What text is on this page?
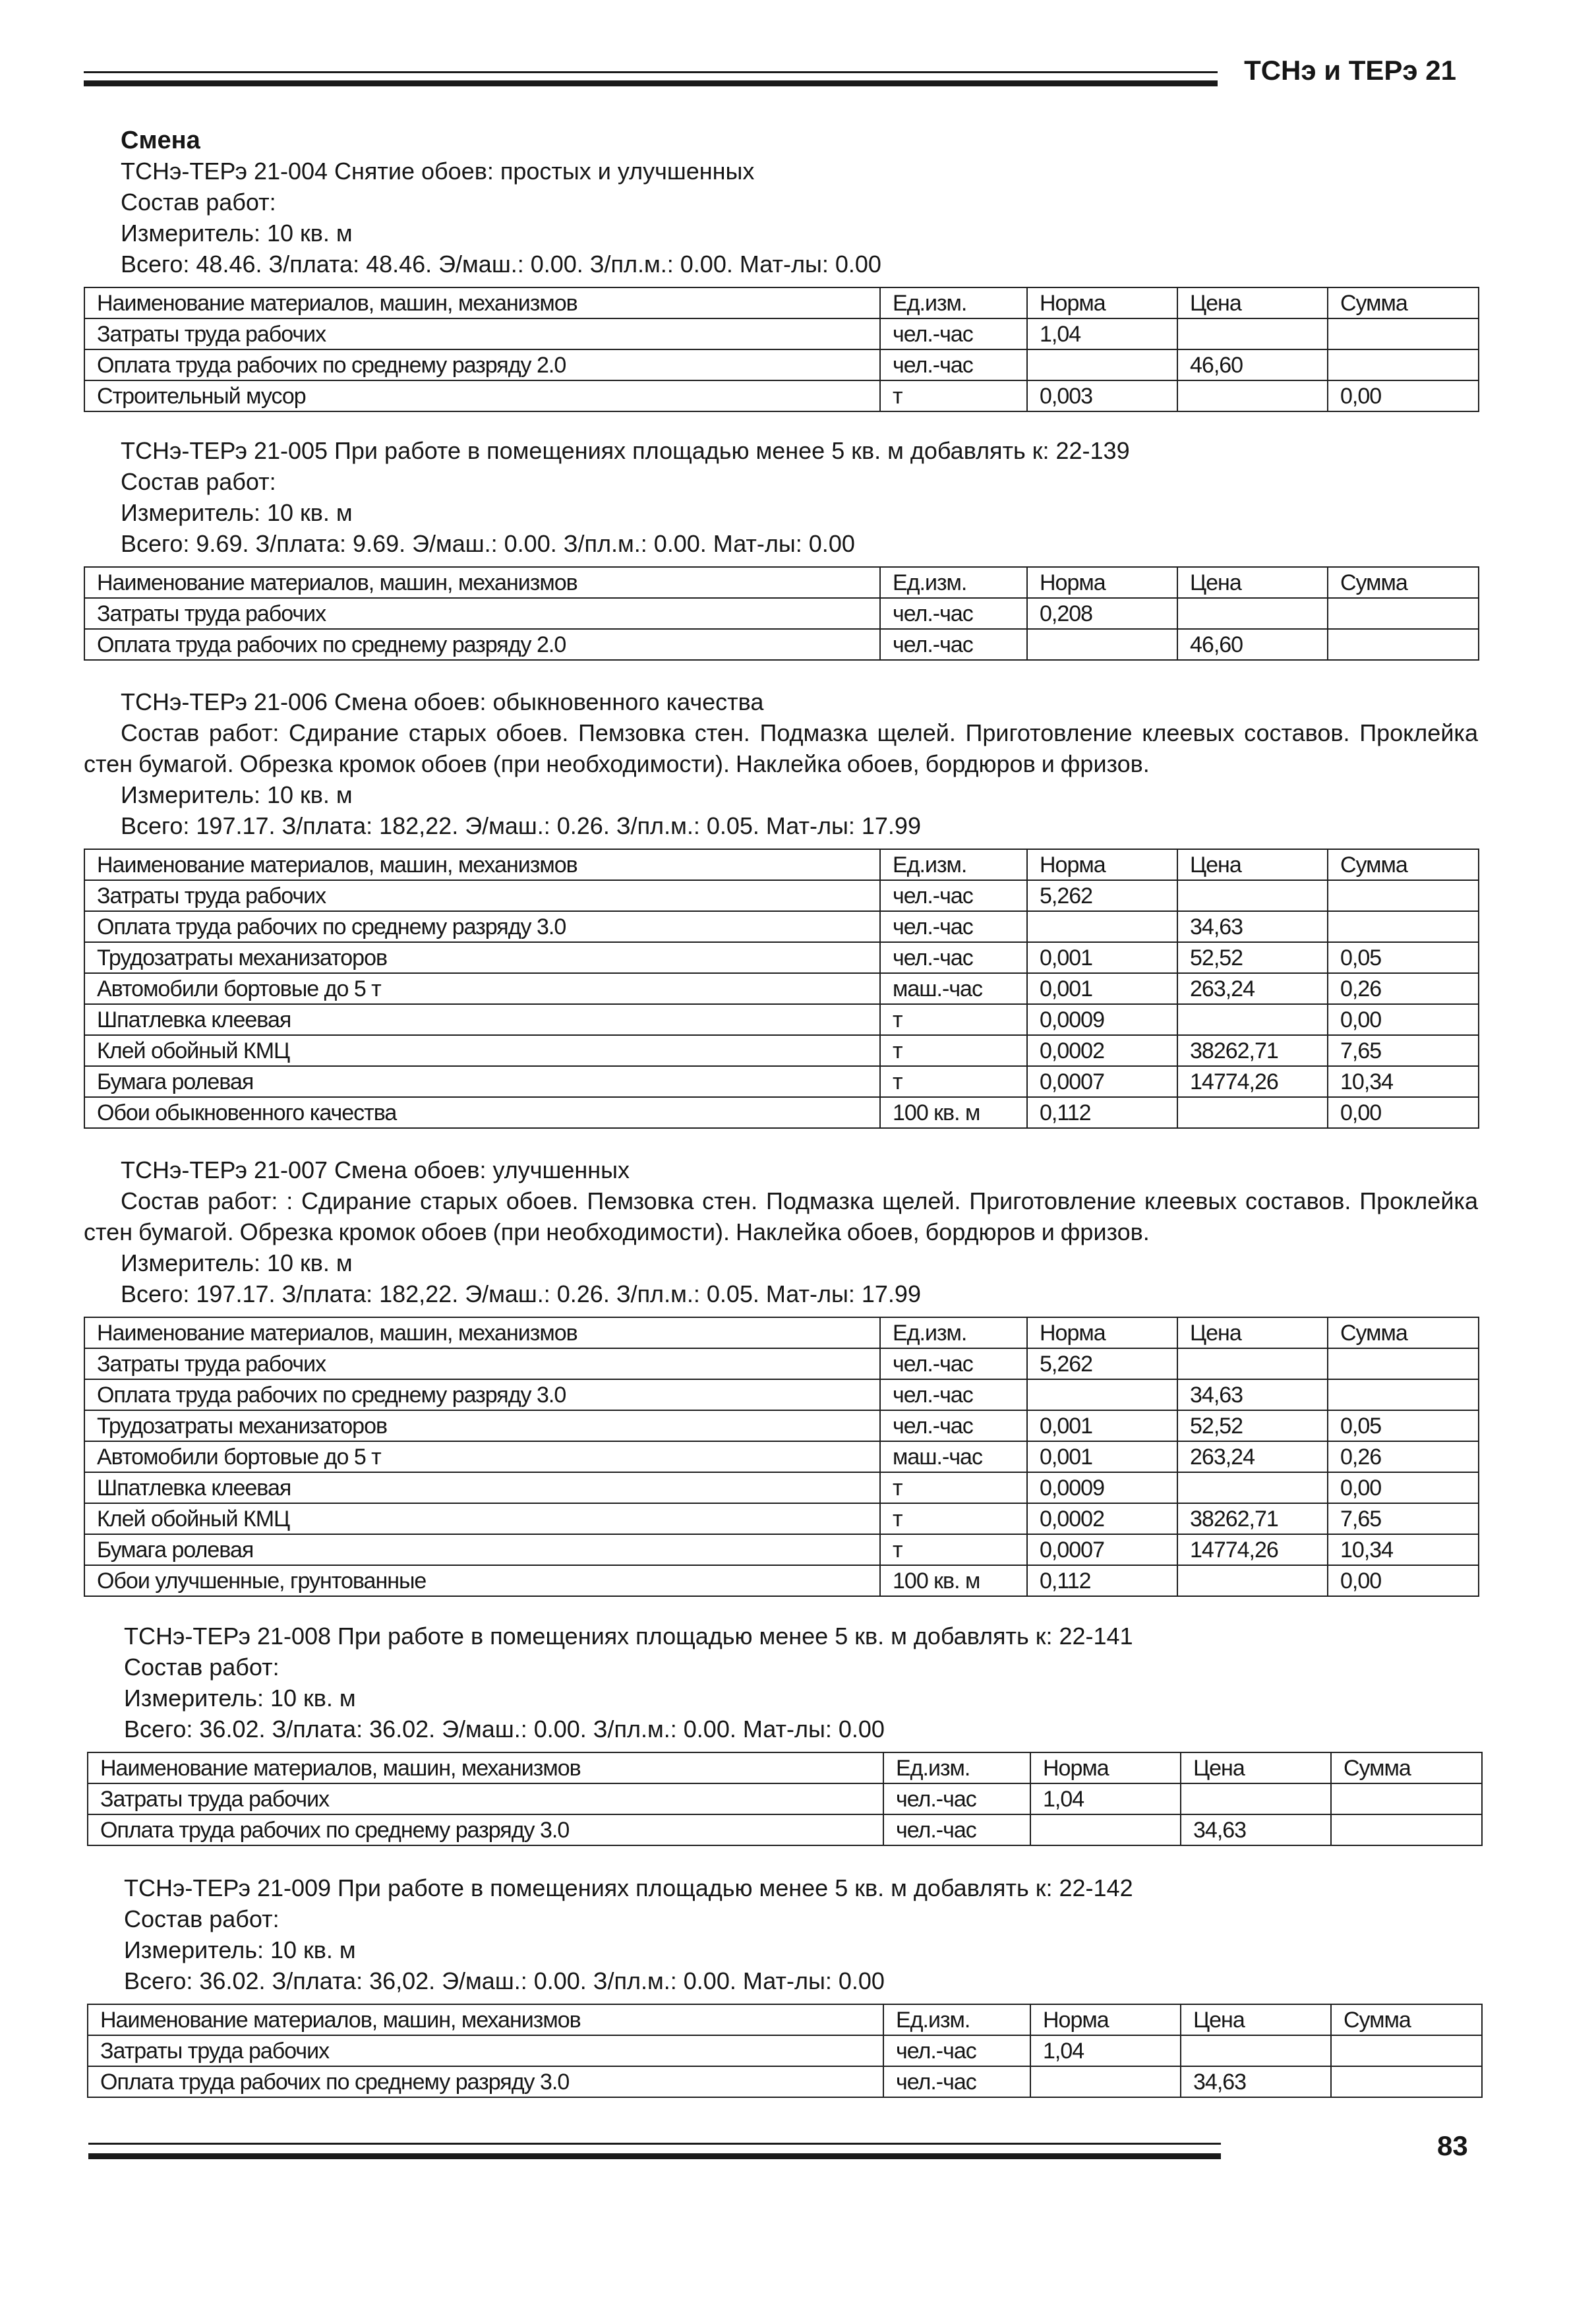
ТСНэ и ТЕРэ 21
Смена
ТСНэ-ТЕРэ 21-004 Снятие обоев: простых и улучшенных
Состав работ:
Измеритель: 10 кв. м
Всего: 48.46. З/плата: 48.46. Э/маш.: 0.00. З/пл.м.: 0.00. Мат-лы: 0.00
Наименование материалов, машин, механизмов	Ед.изм.	Норма	Цена	Сумма
Затраты труда рабочих	чел.-час	1,04		
Оплата труда рабочих по среднему разряду 2.0	чел.-час		46,60	
Строительный мусор	т	0,003		0,00
ТСНэ-ТЕРэ 21-005 При работе в помещениях площадью менее 5 кв. м добавлять к: 22-139
Состав работ:
Измеритель: 10 кв. м
Всего: 9.69. З/плата: 9.69. Э/маш.: 0.00. З/пл.м.: 0.00. Мат-лы: 0.00
Наименование материалов, машин, механизмов	Ед.изм.	Норма	Цена	Сумма
Затраты труда рабочих	чел.-час	0,208		
Оплата труда рабочих по среднему разряду 2.0	чел.-час		46,60	
ТСНэ-ТЕРэ 21-006 Смена обоев: обыкновенного качества
Состав работ: Сдирание старых обоев. Пемзовка стен. Подмазка щелей. Приготовление клеевых составов. Проклейка стен бумагой. Обрезка кромок обоев (при необходимости). Наклейка обоев, бордюров и фризов.
Измеритель: 10 кв. м
Всего: 197.17. З/плата: 182,22. Э/маш.: 0.26. З/пл.м.: 0.05. Мат-лы: 17.99
Наименование материалов, машин, механизмов	Ед.изм.	Норма	Цена	Сумма
Затраты труда рабочих	чел.-час	5,262		
Оплата труда рабочих по среднему разряду 3.0	чел.-час		34,63	
Трудозатраты механизаторов	чел.-час	0,001	52,52	0,05
Автомобили бортовые до 5 т	маш.-час	0,001	263,24	0,26
Шпатлевка клеевая	т	0,0009		0,00
Клей обойный КМЦ	т	0,0002	38262,71	7,65
Бумага ролевая	т	0,0007	14774,26	10,34
Обои обыкновенного качества	100 кв. м	0,112		0,00
ТСНэ-ТЕРэ 21-007 Смена обоев: улучшенных
Состав работ: : Сдирание старых обоев. Пемзовка стен. Подмазка щелей. Приготовление клеевых составов. Проклейка стен бумагой. Обрезка кромок обоев (при необходимости). Наклейка обоев, бордюров и фризов.
Измеритель: 10 кв. м
Всего: 197.17. З/плата: 182,22. Э/маш.: 0.26. З/пл.м.: 0.05. Мат-лы: 17.99
Наименование материалов, машин, механизмов	Ед.изм.	Норма	Цена	Сумма
Затраты труда рабочих	чел.-час	5,262		
Оплата труда рабочих по среднему разряду 3.0	чел.-час		34,63	
Трудозатраты механизаторов	чел.-час	0,001	52,52	0,05
Автомобили бортовые до 5 т	маш.-час	0,001	263,24	0,26
Шпатлевка клеевая	т	0,0009		0,00
Клей обойный КМЦ	т	0,0002	38262,71	7,65
Бумага ролевая	т	0,0007	14774,26	10,34
Обои улучшенные, грунтованные	100 кв. м	0,112		0,00
ТСНэ-ТЕРэ 21-008 При работе в помещениях площадью менее 5 кв. м добавлять к: 22-141
Состав работ:
Измеритель: 10 кв. м
Всего: 36.02. З/плата: 36.02. Э/маш.: 0.00. З/пл.м.: 0.00. Мат-лы: 0.00
Наименование материалов, машин, механизмов	Ед.изм.	Норма	Цена	Сумма
Затраты труда рабочих	чел.-час	1,04		
Оплата труда рабочих по среднему разряду 3.0	чел.-час		34,63	
ТСНэ-ТЕРэ 21-009 При работе в помещениях площадью менее 5 кв. м добавлять к: 22-142
Состав работ:
Измеритель: 10 кв. м
Всего: 36.02. З/плата: 36,02. Э/маш.: 0.00. З/пл.м.: 0.00. Мат-лы: 0.00
Наименование материалов, машин, механизмов	Ед.изм.	Норма	Цена	Сумма
Затраты труда рабочих	чел.-час	1,04		
Оплата труда рабочих по среднему разряду 3.0	чел.-час		34,63	
83
